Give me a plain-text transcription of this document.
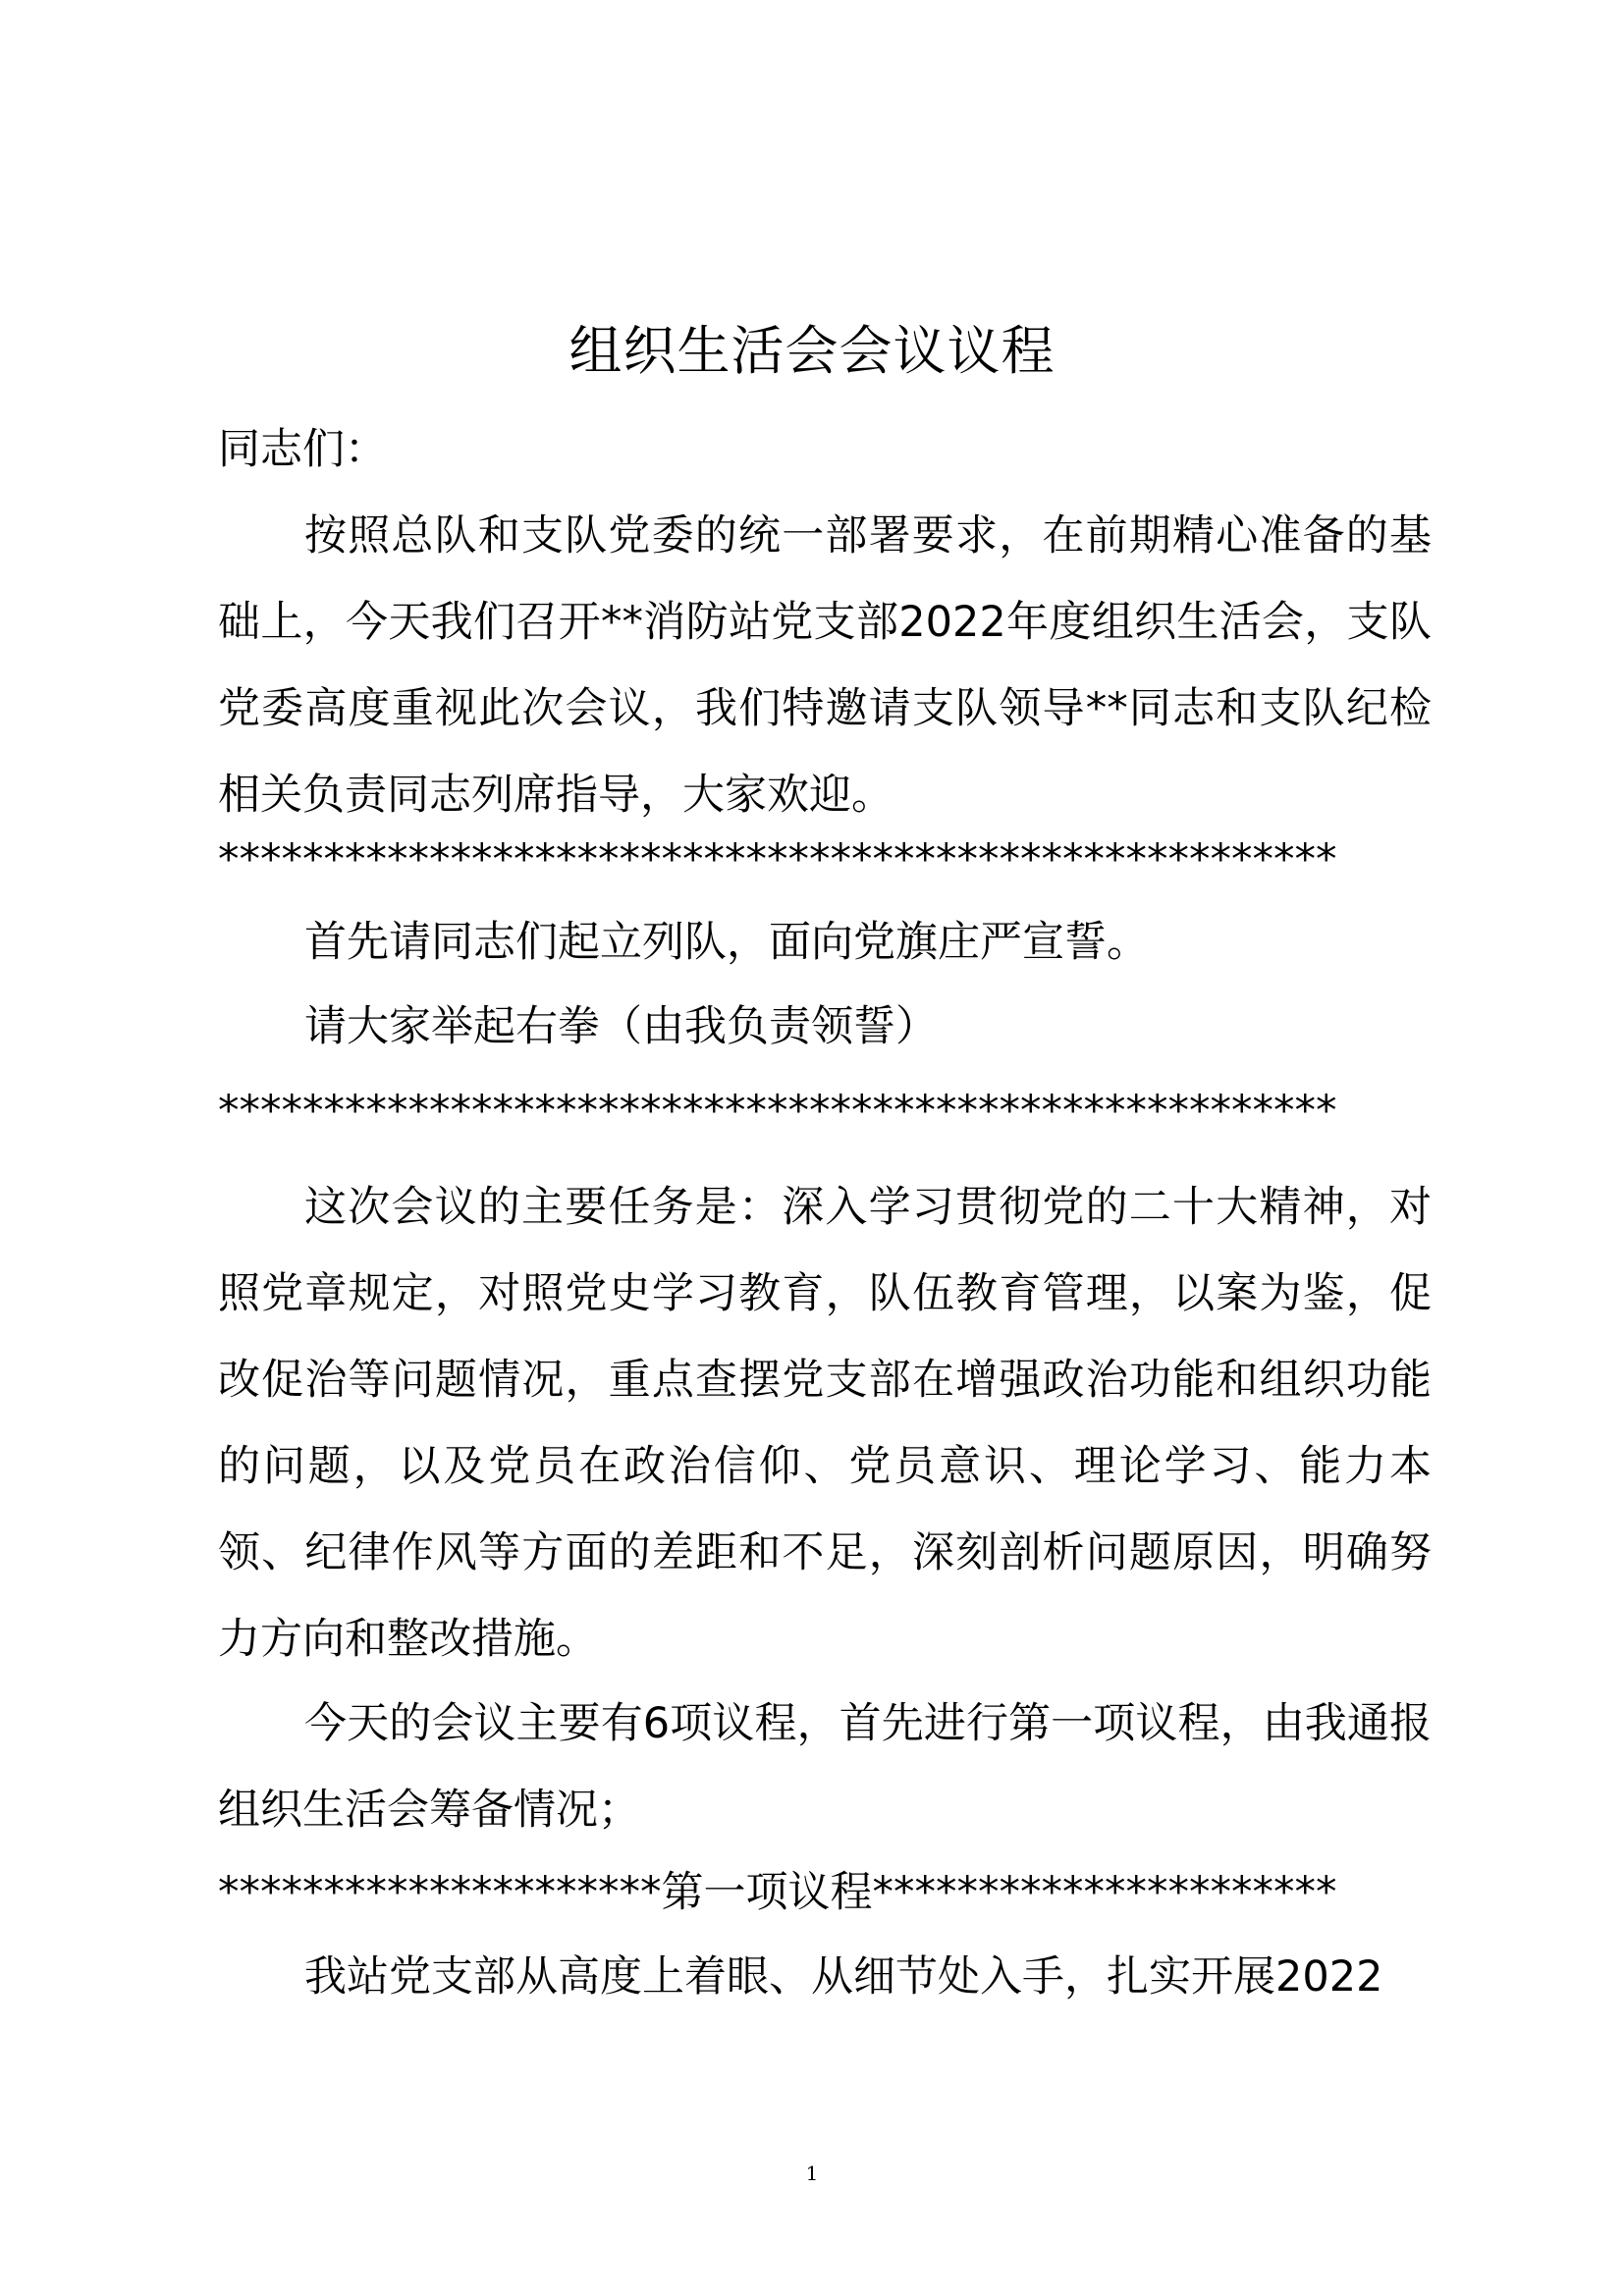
组织生活会会议议程
同志们：
按照总队和支队党委的统一部署要求，在前期精心准备的基础上，今天我们召开**消防站党支部2022年度组织生活会，支队党委高度重视此次会议，我们特邀请支队领导**同志和支队纪检相关负责同志列席指导，大家欢迎。
*****************************************************
首先请同志们起立列队，面向党旗庄严宣誓。
请大家举起右拳（由我负责领誓）
*****************************************************
这次会议的主要任务是：深入学习贯彻党的二十大精神，对照党章规定，对照党史学习教育，队伍教育管理，以案为鉴，促改促治等问题情况，重点查摆党支部在增强政治功能和组织功能的问题，以及党员在政治信仰、党员意识、理论学习、能力本领、纪律作风等方面的差距和不足，深刻剖析问题原因，明确努力方向和整改措施。
今天的会议主要有6项议程，首先进行第一项议程，由我通报组织生活会筹备情况；
*********************第一项议程**********************
我站党支部从高度上着眼、从细节处入手，扎实开展2022
1
